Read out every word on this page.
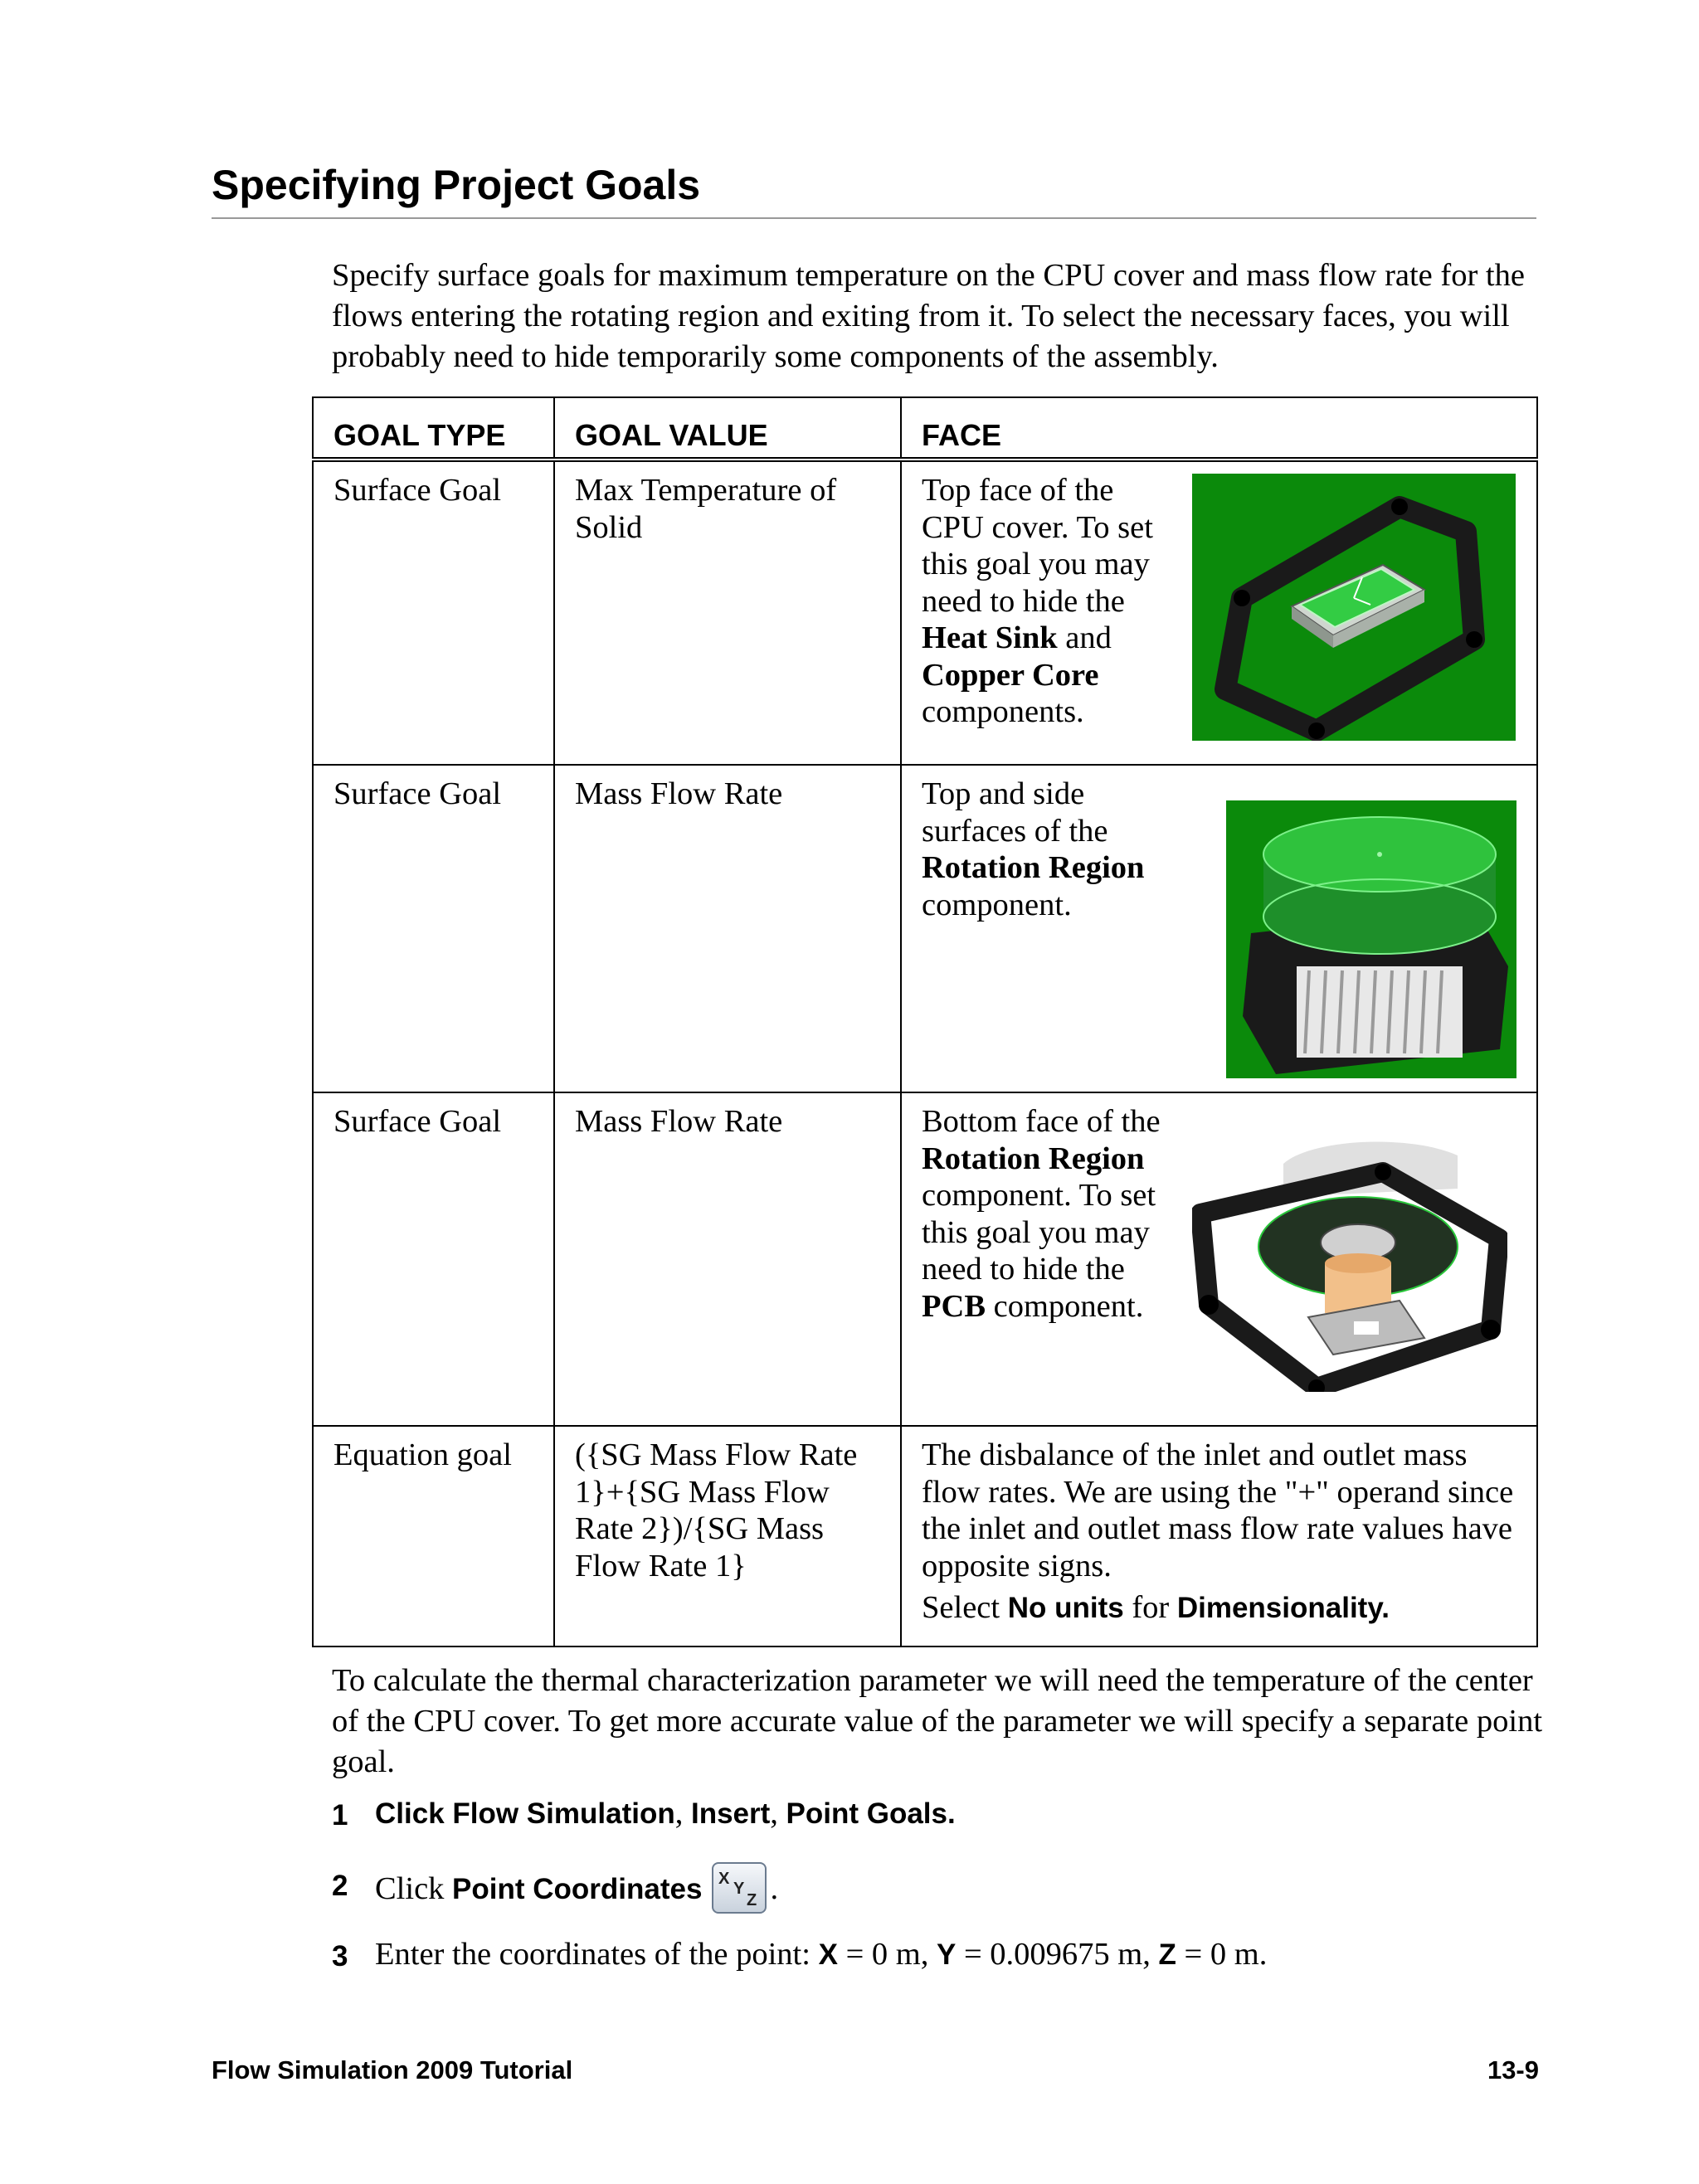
Specifying Project Goals

Specify surface goals for maximum temperature on the CPU cover and mass flow rate for the flows entering the rotating region and exiting from it. To select the necessary faces, you will probably need to hide temporarily some components of the assembly.

GOAL TYPE	GOAL VALUE	FACE

Surface Goal	Max Temperature of Solid	Top face of the CPU cover. To set this goal you may need to hide the Heat Sink and Copper Core components.

Surface Goal	Mass Flow Rate	Top and side surfaces of the Rotation Region component.

Surface Goal	Mass Flow Rate	Bottom face of the Rotation Region component. To set this goal you may need to hide the PCB component.

Equation goal	({SG Mass Flow Rate 1}+{SG Mass Flow Rate 2})/{SG Mass Flow Rate 1}	The disbalance of the inlet and outlet mass flow rates. We are using the "+" operand since the inlet and outlet mass flow rate values have opposite signs.
Select No units for Dimensionality.

To calculate the thermal characterization parameter we will need the temperature of the center of the CPU cover. To get more accurate value of the parameter we will specify a separate point goal.

1 Click Flow Simulation, Insert, Point Goals.
2 Click Point Coordinates X
Y
Z .
3 Enter the coordinates of the point: X = 0 m, Y = 0.009675 m, Z = 0 m.
Flow Simulation 2009 Tutorial	13-9
